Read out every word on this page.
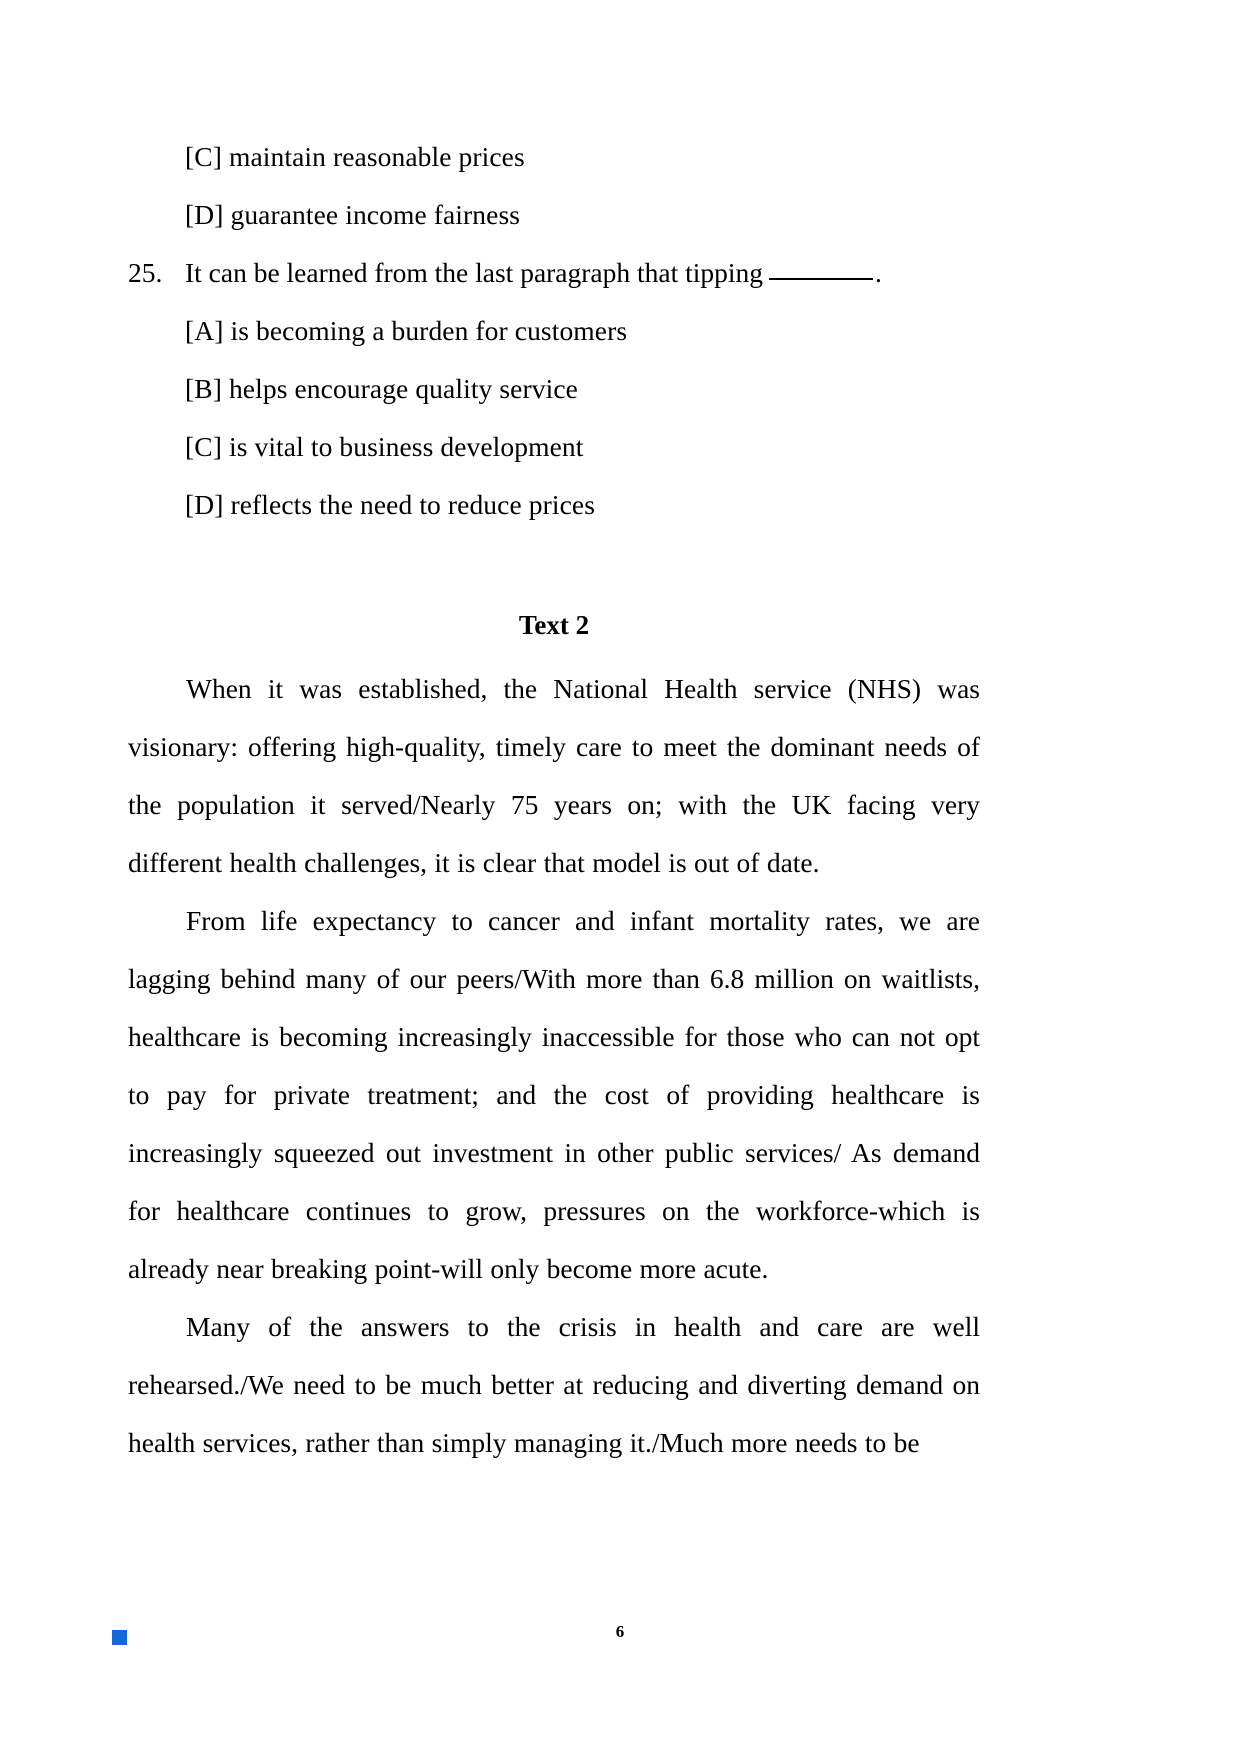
[C] maintain reasonable prices
[D] guarantee income fairness
25. It can be learned from the last paragraph that tipping	.
[A] is becoming a burden for customers
[B] helps encourage quality service
[C] is vital to business development
[D] reflects the need to reduce prices
Text 2

When it was established, the National Health service (NHS) was visionary: offering high-quality, timely care to meet the dominant needs of the population it served/Nearly 75 years on; with the UK facing very different health challenges, it is clear that model is out of date.

From life expectancy to cancer and infant mortality rates, we are lagging behind many of our peers/With more than 6.8 million on waitlists, healthcare is becoming increasingly inaccessible for those who can not opt to pay for private treatment; and the cost of providing healthcare is increasingly squeezed out investment in other public services/ As demand for healthcare continues to grow, pressures on the workforce-which is already near breaking point-will only become more acute.

Many of the answers to the crisis in health and care are well rehearsed./We need to be much better at reducing and diverting demand on health services, rather than simply managing it./Much more needs to be

6
